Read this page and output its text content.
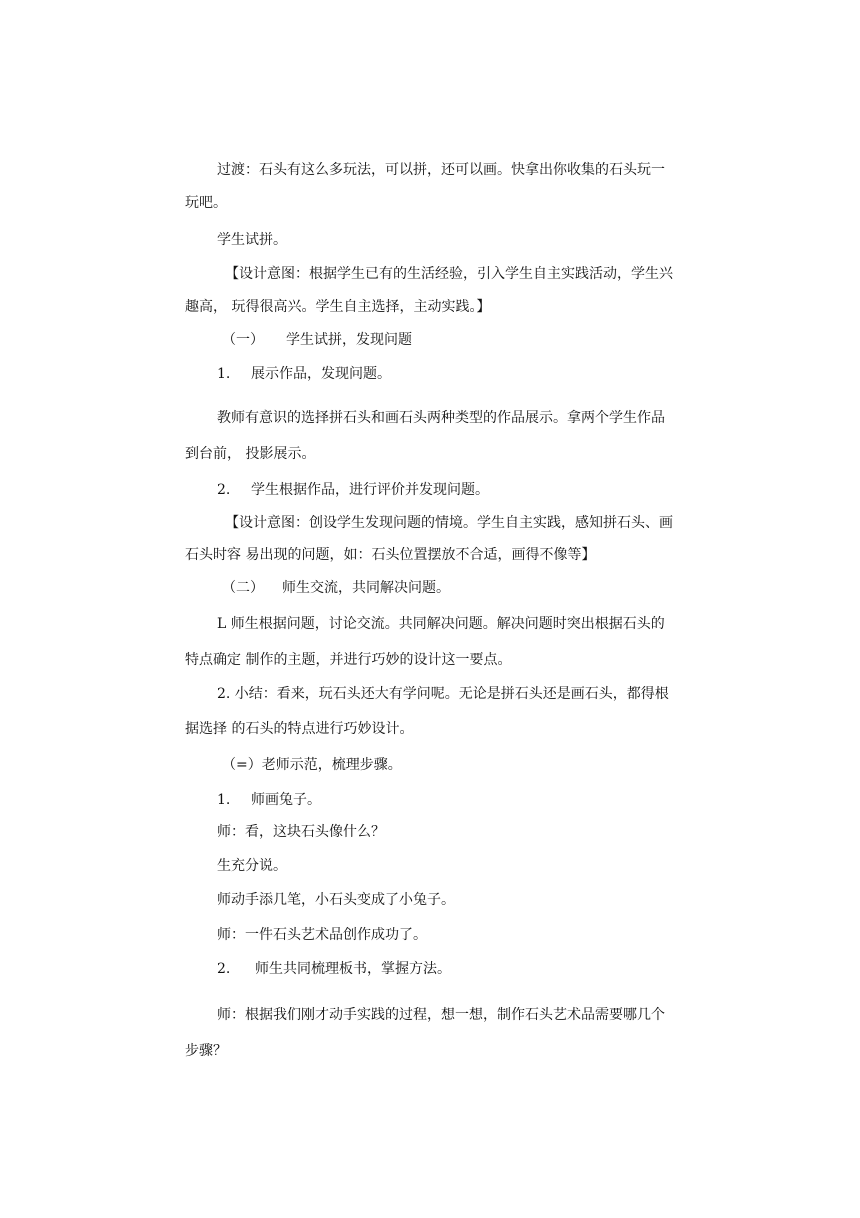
过渡：石头有这么多玩法，可以拼，还可以画。快拿出你收集的石头玩一
玩吧。
学生试拼。
【设计意图：根据学生已有的生活经验，引入学生自主实践活动，学生兴
趣高， 玩得很高兴。学生自主选择，主动实践。】
（一） 学生试拼，发现问题
1. 展示作品，发现问题。
教师有意识的选择拼石头和画石头两种类型的作品展示。拿两个学生作品
到台前， 投影展示。
2. 学生根据作品，进行评价并发现问题。
【设计意图：创设学生发现问题的情境。学生自主实践，感知拼石头、画
石头时容 易出现的问题，如：石头位置摆放不合适，画得不像等】
（二） 师生交流，共同解决问题。
L 师生根据问题，讨论交流。共同解决问题。解决问题时突出根据石头的
特点确定 制作的主题，并进行巧妙的设计这一要点。
2. 小结：看来，玩石头还大有学问呢。无论是拼石头还是画石头，都得根
据选择 的石头的特点进行巧妙设计。
（=）老师示范，梳理步骤。
1. 师画兔子。
师：看，这块石头像什么？
生充分说。
师动手添几笔，小石头变成了小兔子。
师：一件石头艺术品创作成功了。
2. 师生共同梳理板书，掌握方法。
师：根据我们刚才动手实践的过程，想一想，制作石头艺术品需要哪几个
步骤？
